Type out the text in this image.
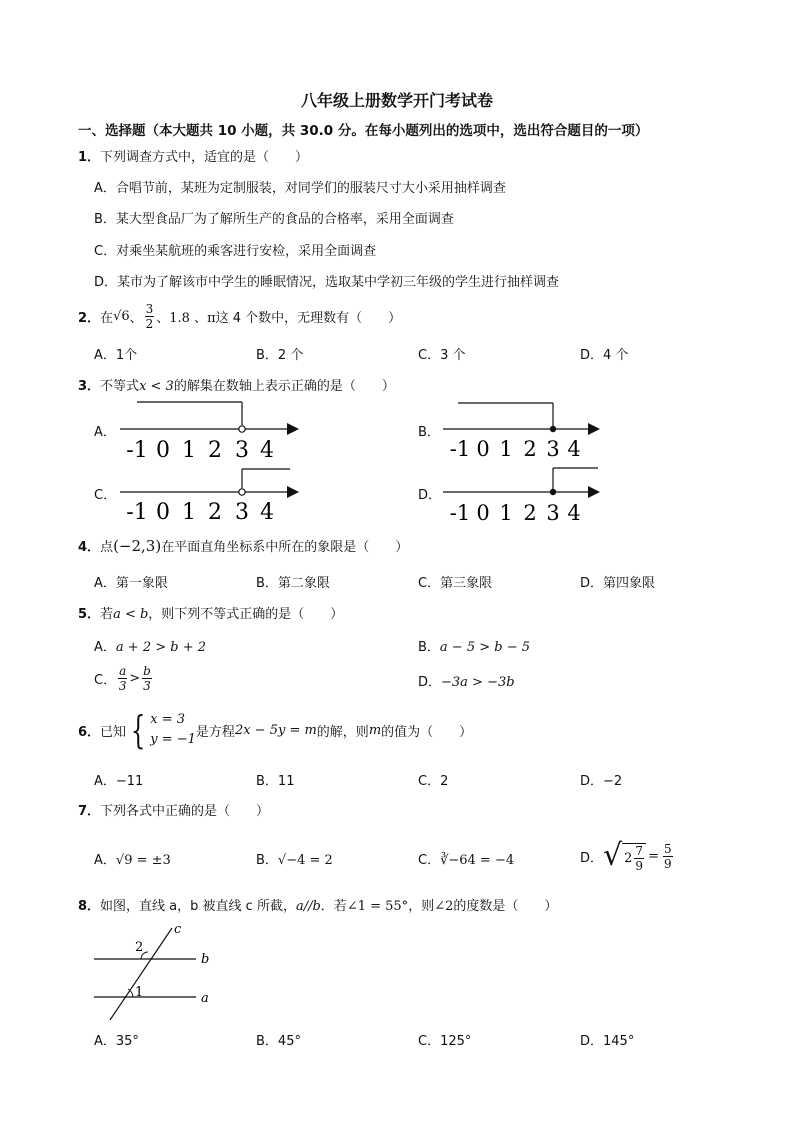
八年级上册数学开门考试卷
一、选择题（本大题共 10 小题，共 30.0 分。在每小题列出的选项中，选出符合题目的一项）
1．下列调查方式中，适宜的是（　　）
A．合唱节前，某班为定制服装，对同学们的服装尺寸大小采用抽样调查
B．某大型食品厂为了解所生产的食品的合格率，采用全面调查
C．对乘坐某航班的乘客进行安检，采用全面调查
D．某市为了解该市中学生的睡眠情况，选取某中学初三年级的学生进行抽样调查
2． 在 √6 、 $\frac{3}{2}$ 、1.8 、π 这 4 个数中，无理数有（　　）
A．1个	B．2 个	C．3 个	D．4 个
3．不等式x < 3的解集在数轴上表示正确的是（　　）
A．
-1 0 1 2 3 4
B．
-1 0 1 2 3 4
C．
-1 0 1 2 3 4
D．
-1 0 1 2 3 4
4．点(−2,3)在平面直角坐标系中所在的象限是（　　）
A．第一象限	B．第二象限	C．第三象限	D．第四象限
5．若a < b，则下列不等式正确的是（　　）
A．a + 2 > b + 2	B．a − 5 > b − 5
C． $\frac{a}{3} > \frac{b}{3}$	D．−3a > −3b
6． 已知 { x = 3
y = −1 是方程 2x − 5y = m 的解，则 m 的值为（　　）
A．−11	B．11	C．2	D．−2
7．下列各式中正确的是（　　）
A．√9 = ±3	B．√−4 = 2	C．∛−64 = −4	D． √ $2 \frac{7}{9} = \frac{5}{9}$
8．如图，直线 a，b 被直线 c 所截，a//b．若∠1 = 55°，则∠2的度数是（　　）
c
b
a
1
2
A．35°	B．45°	C．125°	D．145°
